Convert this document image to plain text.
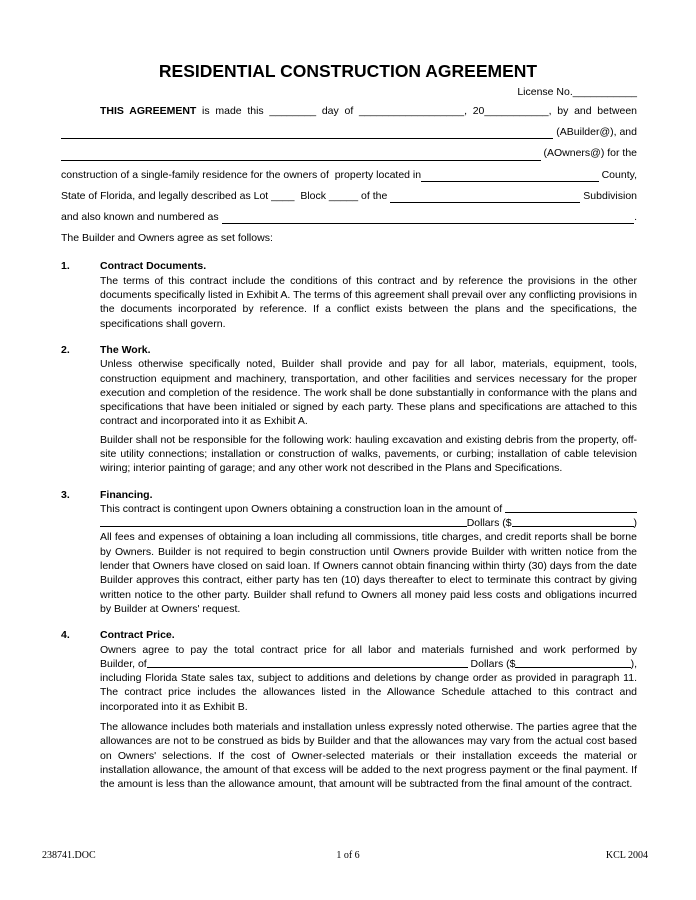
RESIDENTIAL CONSTRUCTION AGREEMENT
License No.___________
THIS AGREEMENT is made this ________ day of __________________, 20___________, by and between
(ABuilder@), and
(AOwners@) for the
construction of a single-family residence for the owners of  property located in	County,
State of Florida, and legally described as Lot ____  Block _____ of the	Subdivision
and also known and numbered as	.
The Builder and Owners agree as set follows:
1.	Contract Documents.
The terms of this contract include the conditions of this contract and by reference the provisions in the other documents specifically listed in Exhibit A. The terms of this agreement shall prevail over any conflicting provisions in the documents incorporated by reference. If a conflict exists between the plans and the specifications, the specifications shall govern.
2.	The Work.
Unless otherwise specifically noted, Builder shall provide and pay for all labor, materials, equipment, tools, construction equipment and machinery, transportation, and other facilities and services necessary for the proper execution and completion of the residence. The work shall be done substantially in conformance with the plans and specifications that have been initialed or signed by each party. These plans and specifications are attached to this contract and incorporated into it as Exhibit A.
Builder shall not be responsible for the following work: hauling excavation and existing debris from the property, off-site utility connections; installation or construction of walks, pavements, or curbing; installation of cable television wiring; interior painting of garage; and any other work not described in the Plans and Specifications.
3.	Financing.
This contract is contingent upon Owners obtaining a construction loan in the amount of
Dollars ($	)
All fees and expenses of obtaining a loan including all commissions, title charges, and credit reports shall be borne by Owners. Builder is not required to begin construction until Owners provide Builder with written notice from the lender that Owners have closed on said loan. If Owners cannot obtain financing within thirty (30) days from the date Builder approves this contract, either party has ten (10) days thereafter to elect to terminate this contract by giving written notice to the other party. Builder shall refund to Owners all money paid less costs and obligations incurred by Builder at Owners' request.
4.	Contract Price.
Owners agree to pay the total contract price for all labor and materials furnished and work performed by
Builder, of	Dollars ($	),
including Florida State sales tax, subject to additions and deletions by change order as provided in paragraph 11. The contract price includes the allowances listed in the Allowance Schedule attached to this contract and incorporated into it as Exhibit B.
The allowance includes both materials and installation unless expressly noted otherwise. The parties agree that the allowances are not to be construed as bids by Builder and that the allowances may vary from the actual cost based on Owners' selections. If the cost of Owner-selected materials or their installation exceeds the material or installation allowance, the amount of that excess will be added to the next progress payment or the final payment. If the amount is less than the allowance amount, that amount will be subtracted from the final amount of the contract.
238741.DOC	1 of 6	KCL 2004
